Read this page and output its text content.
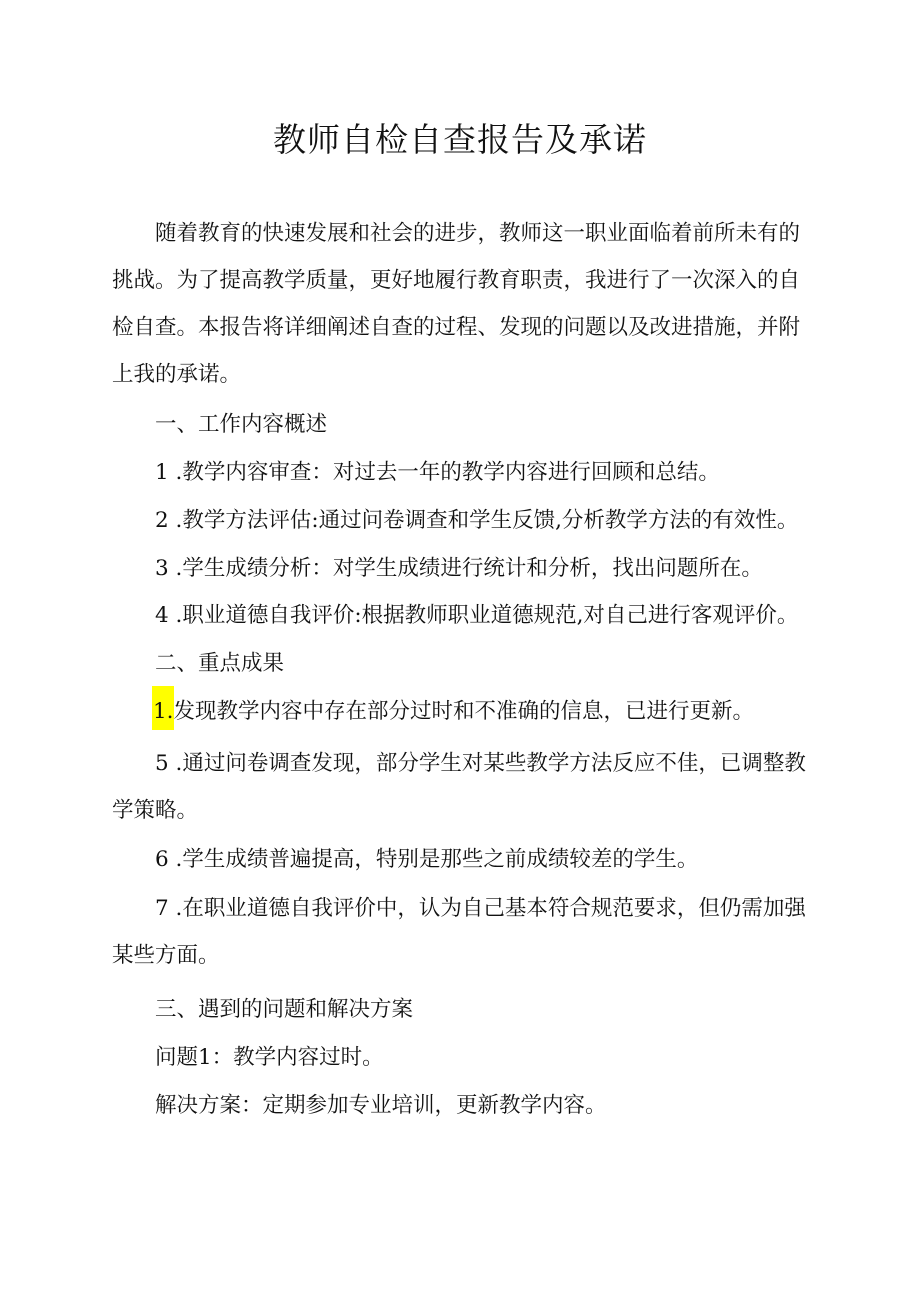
教师自检自查报告及承诺

随着教育的快速发展和社会的进步，教师这一职业面临着前所未有的挑战。为了提高教学质量，更好地履行教育职责，我进行了一次深入的自检自查。本报告将详细阐述自查的过程、发现的问题以及改进措施，并附上我的承诺。

一、工作内容概述
1 .教学内容审查：对过去一年的教学内容进行回顾和总结。
2 .教学方法评估:通过问卷调查和学生反馈,分析教学方法的有效性。
3 .学生成绩分析：对学生成绩进行统计和分析，找出问题所在。
4 .职业道德自我评价:根据教师职业道德规范,对自己进行客观评价。
二、重点成果
1.发现教学内容中存在部分过时和不准确的信息，已进行更新。

5 .通过问卷调查发现，部分学生对某些教学方法反应不佳，已调整教学策略。

6 .学生成绩普遍提高，特别是那些之前成绩较差的学生。

7 .在职业道德自我评价中，认为自己基本符合规范要求，但仍需加强某些方面。

三、遇到的问题和解决方案
问题1：教学内容过时。
解决方案：定期参加专业培训，更新教学内容。
